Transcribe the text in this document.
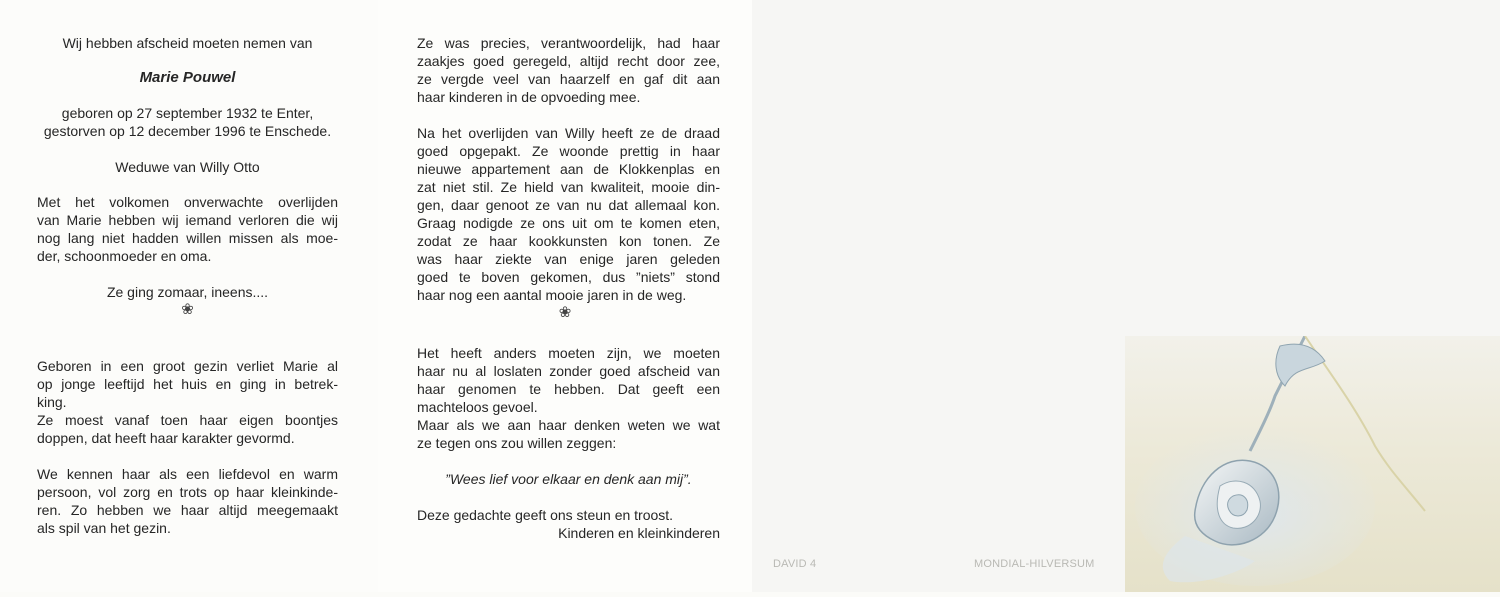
Wij hebben afscheid moeten nemen van

Marie Pouwel

geboren op 27 september 1932 te Enter,

gestorven op 12 december 1996 te Enschede.

Weduwe van Willy Otto

Met het volkomen onverwachte overlijden
van Marie hebben wij iemand verloren die wij
nog lang niet hadden willen missen als moe-
der, schoonmoeder en oma.

Ze ging zomaar, ineens....

❀
Geboren in een groot gezin verliet Marie al
op jonge leeftijd het huis en ging in betrek-
king.
Ze moest vanaf toen haar eigen boontjes
doppen, dat heeft haar karakter gevormd.
We kennen haar als een liefdevol en warm
persoon, vol zorg en trots op haar kleinkinde-
ren. Zo hebben we haar altijd meegemaakt
als spil van het gezin.
Ze was precies, verantwoordelijk, had haar
zaakjes goed geregeld, altijd recht door zee,
ze vergde veel van haarzelf en gaf dit aan
haar kinderen in de opvoeding mee.
Na het overlijden van Willy heeft ze de draad
goed opgepakt. Ze woonde prettig in haar
nieuwe appartement aan de Klokkenplas en
zat niet stil. Ze hield van kwaliteit, mooie din-
gen, daar genoot ze van nu dat allemaal kon.
Graag nodigde ze ons uit om te komen eten,
zodat ze haar kookkunsten kon tonen. Ze
was haar ziekte van enige jaren geleden
goed te boven gekomen, dus ”niets” stond
haar nog een aantal mooie jaren in de weg.
❀
Het heeft anders moeten zijn, we moeten
haar nu al loslaten zonder goed afscheid van
haar genomen te hebben. Dat geeft een
machteloos gevoel.
Maar als we aan haar denken weten we wat
ze tegen ons zou willen zeggen:

”Wees lief voor elkaar en denk aan mij”.

Deze gedachte geeft ons steun en troost.

Kinderen en kleinkinderen

DAVID 4	MONDIAL-HILVERSUM
